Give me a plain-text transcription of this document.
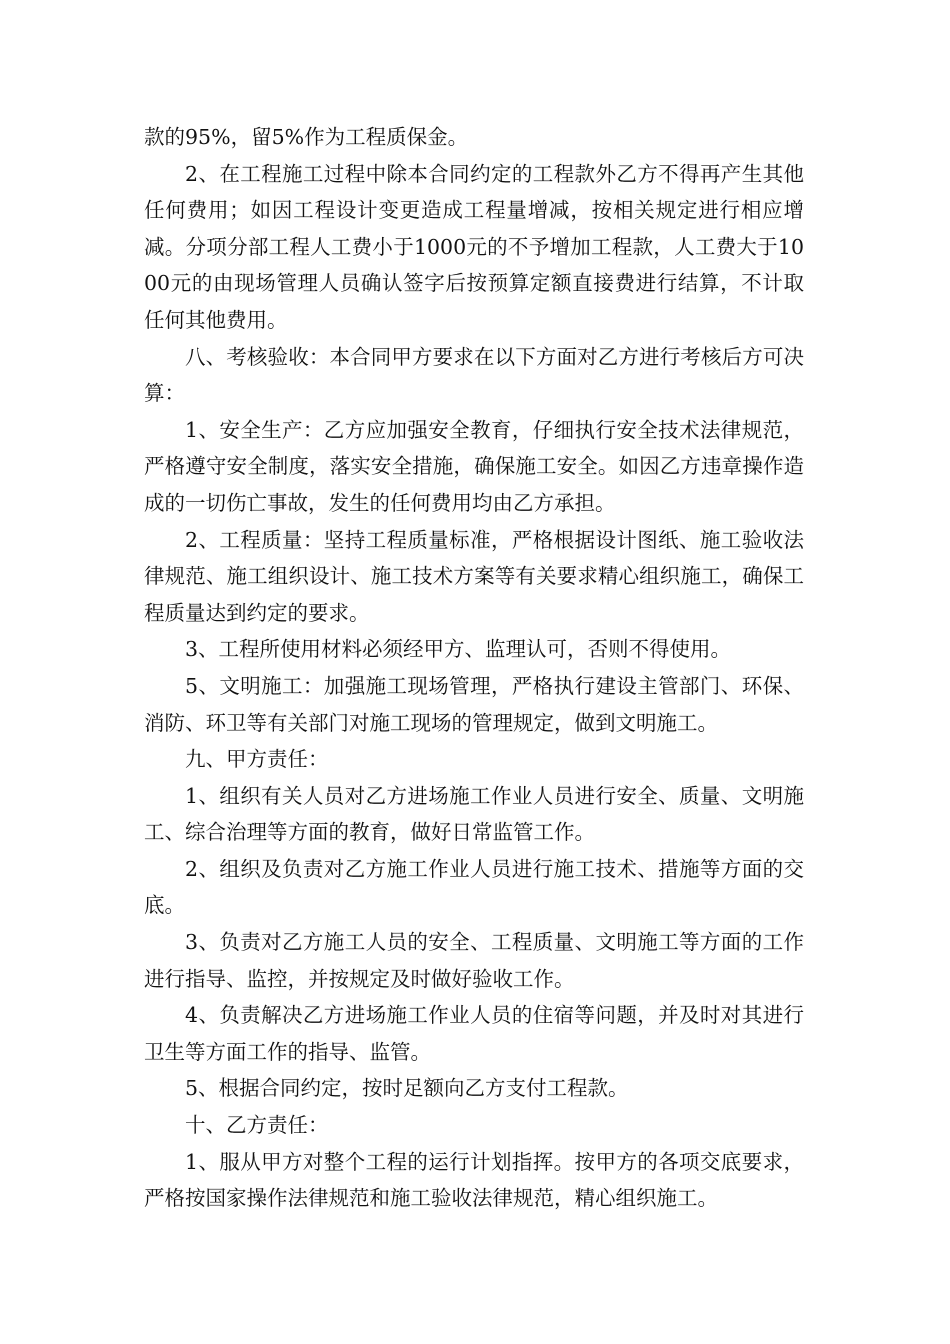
款的95%，留5%作为工程质保金。

2、在工程施工过程中除本合同约定的工程款外乙方不得再产生其他任何费用；如因工程设计变更造成工程量增减，按相关规定进行相应增减。分项分部工程人工费小于1000元的不予增加工程款，人工费大于1000元的由现场管理人员确认签字后按预算定额直接费进行结算，不计取任何其他费用。

八、考核验收：本合同甲方要求在以下方面对乙方进行考核后方可决算：

1、安全生产：乙方应加强安全教育，仔细执行安全技术法律规范，严格遵守安全制度，落实安全措施，确保施工安全。如因乙方违章操作造成的一切伤亡事故，发生的任何费用均由乙方承担。

2、工程质量：坚持工程质量标准，严格根据设计图纸、施工验收法律规范、施工组织设计、施工技术方案等有关要求精心组织施工，确保工程质量达到约定的要求。

3、工程所使用材料必须经甲方、监理认可，否则不得使用。

5、文明施工：加强施工现场管理，严格执行建设主管部门、环保、消防、环卫等有关部门对施工现场的管理规定，做到文明施工。

九、甲方责任：

1、组织有关人员对乙方进场施工作业人员进行安全、质量、文明施工、综合治理等方面的教育，做好日常监管工作。

2、组织及负责对乙方施工作业人员进行施工技术、措施等方面的交底。

3、负责对乙方施工人员的安全、工程质量、文明施工等方面的工作进行指导、监控，并按规定及时做好验收工作。

4、负责解决乙方进场施工作业人员的住宿等问题，并及时对其进行卫生等方面工作的指导、监管。

5、根据合同约定，按时足额向乙方支付工程款。

十、乙方责任：

1、服从甲方对整个工程的运行计划指挥。按甲方的各项交底要求，严格按国家操作法律规范和施工验收法律规范，精心组织施工。
